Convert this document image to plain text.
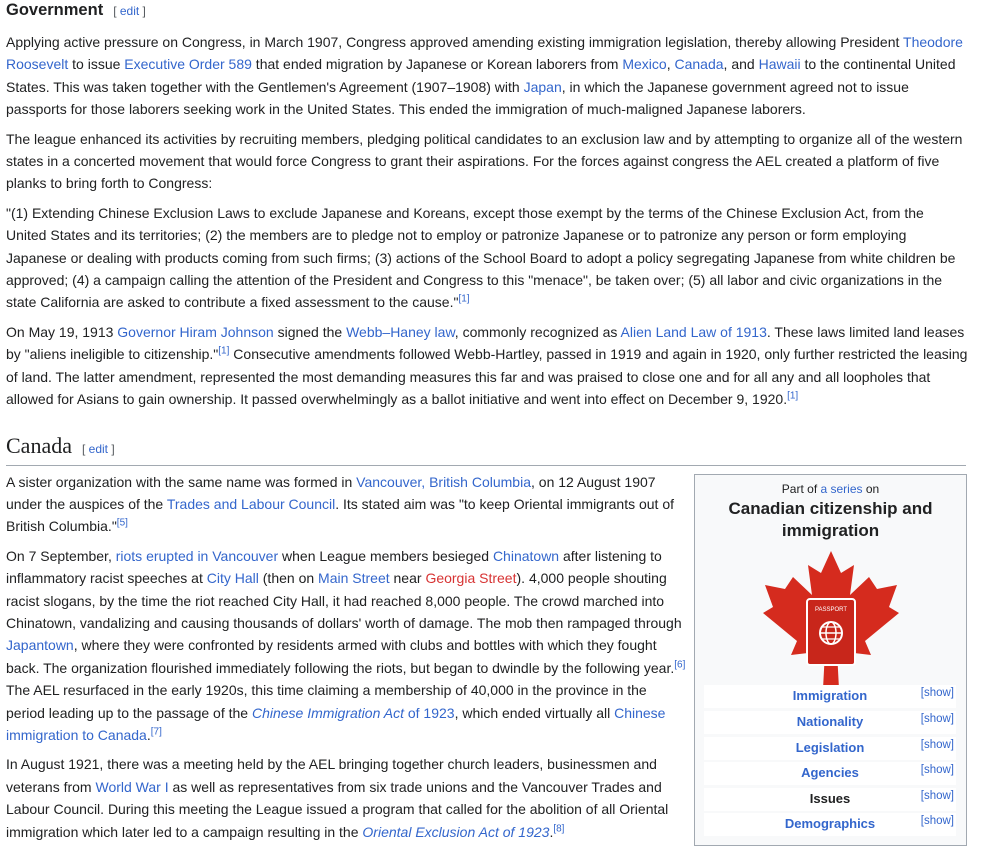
Government [ edit ]

Applying active pressure on Congress, in March 1907, Congress approved amending existing immigration legislation, thereby allowing President Theodore Roosevelt to issue Executive Order 589 that ended migration by Japanese or Korean laborers from Mexico, Canada, and Hawaii to the continental United States. This was taken together with the Gentlemen's Agreement (1907–1908) with Japan, in which the Japanese government agreed not to issue passports for those laborers seeking work in the United States. This ended the immigration of much-maligned Japanese laborers.

The league enhanced its activities by recruiting members, pledging political candidates to an exclusion law and by attempting to organize all of the western states in a concerted movement that would force Congress to grant their aspirations. For the forces against congress the AEL created a platform of five planks to bring forth to Congress:

"(1) Extending Chinese Exclusion Laws to exclude Japanese and Koreans, except those exempt by the terms of the Chinese Exclusion Act, from the United States and its territories; (2) the members are to pledge not to employ or patronize Japanese or to patronize any person or form employing Japanese or dealing with products coming from such firms; (3) actions of the School Board to adopt a policy segregating Japanese from white children be approved; (4) a campaign calling the attention of the President and Congress to this "menace", be taken over; (5) all labor and civic organizations in the state California are asked to contribute a fixed assessment to the cause."[1]

On May 19, 1913 Governor Hiram Johnson signed the Webb–Haney law, commonly recognized as Alien Land Law of 1913. These laws limited land leases by "aliens ineligible to citizenship."[1] Consecutive amendments followed Webb-Hartley, passed in 1919 and again in 1920, only further restricted the leasing of land. The latter amendment, represented the most demanding measures this far and was praised to close one and for all any and all loopholes that allowed for Asians to gain ownership. It passed overwhelmingly as a ballot initiative and went into effect on December 9, 1920.[1]

Canada [ edit ]

A sister organization with the same name was formed in Vancouver, British Columbia, on 12 August 1907 under the auspices of the Trades and Labour Council. Its stated aim was "to keep Oriental immigrants out of British Columbia."[5]

On 7 September, riots erupted in Vancouver when League members besieged Chinatown after listening to inflammatory racist speeches at City Hall (then on Main Street near Georgia Street). 4,000 people shouting racist slogans, by the time the riot reached City Hall, it had reached 8,000 people. The crowd marched into Chinatown, vandalizing and causing thousands of dollars' worth of damage. The mob then rampaged through Japantown, where they were confronted by residents armed with clubs and bottles with which they fought back. The organization flourished immediately following the riots, but began to dwindle by the following year.[6] The AEL resurfaced in the early 1920s, this time claiming a membership of 40,000 in the province in the period leading up to the passage of the Chinese Immigration Act of 1923, which ended virtually all Chinese immigration to Canada.[7]

In August 1921, there was a meeting held by the AEL bringing together church leaders, businessmen and veterans from World War I as well as representatives from six trade unions and the Vancouver Trades and Labour Council. During this meeting the League issued a program that called for the abolition of all Oriental immigration which later led to a campaign resulting in the Oriental Exclusion Act of 1923.[8]

Part of a series on
Canadian citizenship and immigration
PASSPORT
Immigration	[show]
Nationality	[show]
Legislation	[show]
Agencies	[show]
Issues	[show]
Demographics	[show]
